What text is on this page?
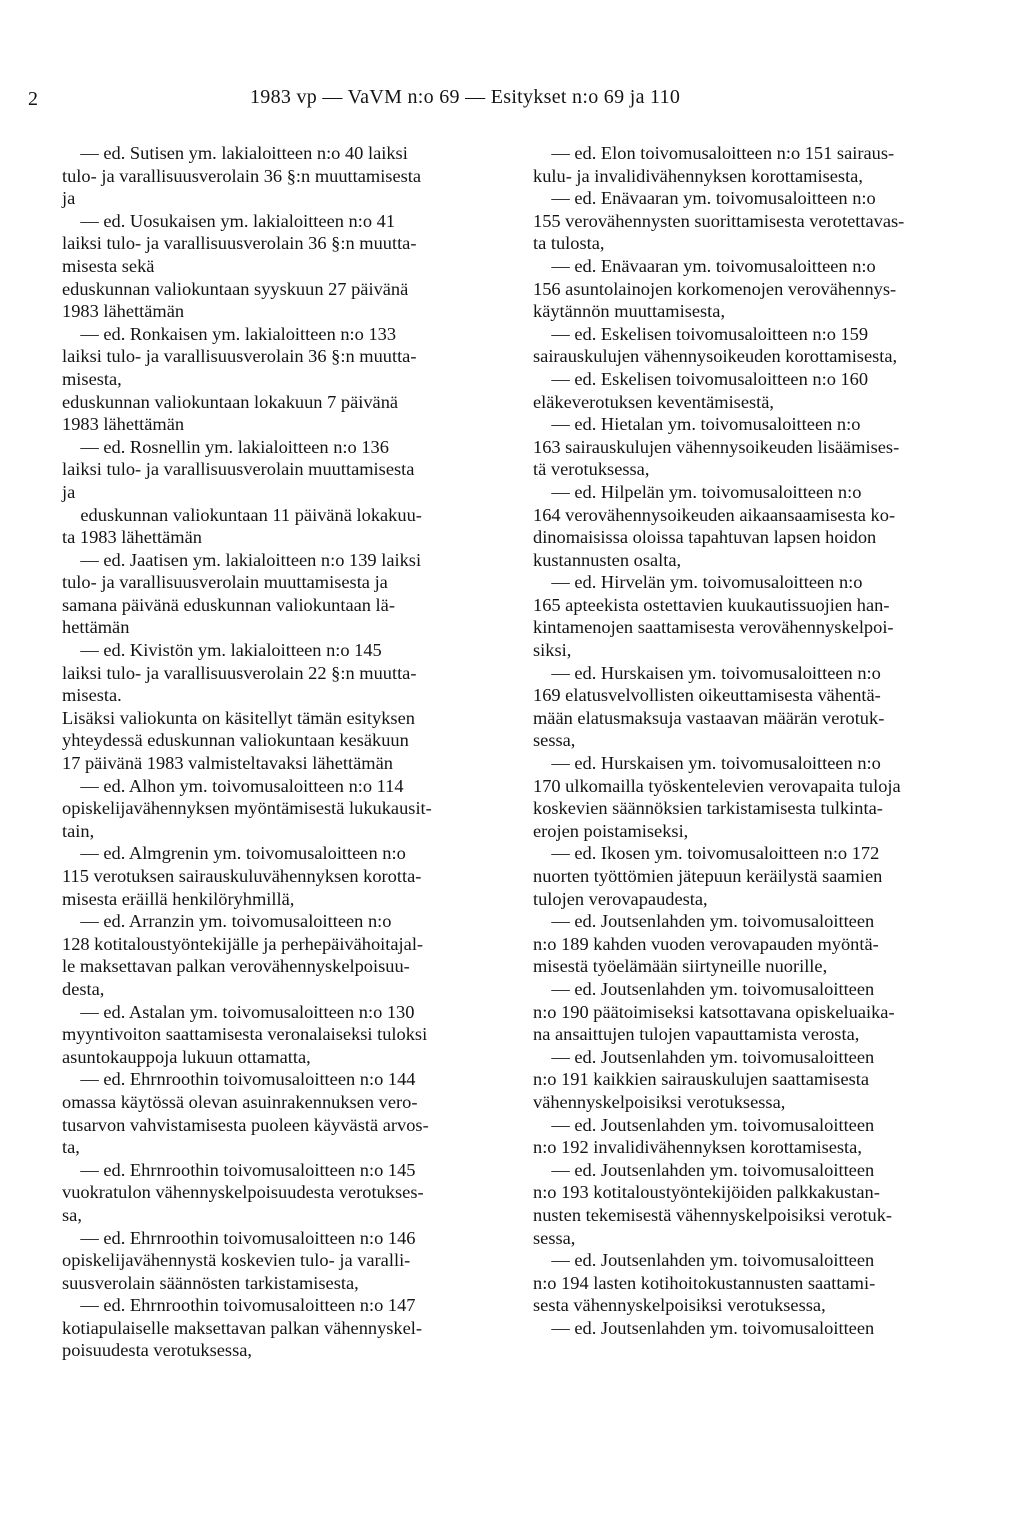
2	1983 vp — VaVM n:o 69 — Esitykset n:o 69 ja 110
— ed. Sutisen ym. lakialoitteen n:o 40 laiksi
tulo- ja varallisuusverolain 36 §:n muuttamisesta
ja
— ed. Uosukaisen ym. lakialoitteen n:o 41
laiksi tulo- ja varallisuusverolain 36 §:n muutta-
misesta sekä
eduskunnan valiokuntaan syyskuun 27 päivänä
1983 lähettämän
— ed. Ronkaisen ym. lakialoitteen n:o 133
laiksi tulo- ja varallisuusverolain 36 §:n muutta-
misesta,
eduskunnan valiokuntaan lokakuun 7 päivänä
1983 lähettämän
— ed. Rosnellin ym. lakialoitteen n:o 136
laiksi tulo- ja varallisuusverolain muuttamisesta
ja
eduskunnan valiokuntaan 11 päivänä lokakuu-
ta 1983 lähettämän
— ed. Jaatisen ym. lakialoitteen n:o 139 laiksi
tulo- ja varallisuusverolain muuttamisesta ja
samana päivänä eduskunnan valiokuntaan lä-
hettämän
— ed. Kivistön ym. lakialoitteen n:o 145
laiksi tulo- ja varallisuusverolain 22 §:n muutta-
misesta.
Lisäksi valiokunta on käsitellyt tämän esityksen
yhteydessä eduskunnan valiokuntaan kesäkuun
17 päivänä 1983 valmisteltavaksi lähettämän
— ed. Alhon ym. toivomusaloitteen n:o 114
opiskelijavähennyksen myöntämisestä lukukausit-
tain,
— ed. Almgrenin ym. toivomusaloitteen n:o
115 verotuksen sairauskuluvähennyksen korotta-
misesta eräillä henkilöryhmillä,
— ed. Arranzin ym. toivomusaloitteen n:o
128 kotitaloustyöntekijälle ja perhepäivähoitajal-
le maksettavan palkan verovähennyskelpoisuu-
desta,
— ed. Astalan ym. toivomusaloitteen n:o 130
myyntivoiton saattamisesta veronalaiseksi tuloksi
asuntokauppoja lukuun ottamatta,
— ed. Ehrnroothin toivomusaloitteen n:o 144
omassa käytössä olevan asuinrakennuksen vero-
tusarvon vahvistamisesta puoleen käyvästä arvos-
ta,
— ed. Ehrnroothin toivomusaloitteen n:o 145
vuokratulon vähennyskelpoisuudesta verotukses-
sa,
— ed. Ehrnroothin toivomusaloitteen n:o 146
opiskelijavähennystä koskevien tulo- ja varalli-
suusverolain säännösten tarkistamisesta,
— ed. Ehrnroothin toivomusaloitteen n:o 147
kotiapulaiselle maksettavan palkan vähennyskel-
poisuudesta verotuksessa,
— ed. Elon toivomusaloitteen n:o 151 sairaus-
kulu- ja invalidivähennyksen korottamisesta,
— ed. Enävaaran ym. toivomusaloitteen n:o
155 verovähennysten suorittamisesta verotettavas-
ta tulosta,
— ed. Enävaaran ym. toivomusaloitteen n:o
156 asuntolainojen korkomenojen verovähennys-
käytännön muuttamisesta,
— ed. Eskelisen toivomusaloitteen n:o 159
sairauskulujen vähennysoikeuden korottamisesta,
— ed. Eskelisen toivomusaloitteen n:o 160
eläkeverotuksen keventämisestä,
— ed. Hietalan ym. toivomusaloitteen n:o
163 sairauskulujen vähennysoikeuden lisäämises-
tä verotuksessa,
— ed. Hilpelän ym. toivomusaloitteen n:o
164 verovähennysoikeuden aikaansaamisesta ko-
dinomaisissa oloissa tapahtuvan lapsen hoidon
kustannusten osalta,
— ed. Hirvelän ym. toivomusaloitteen n:o
165 apteekista ostettavien kuukautissuojien han-
kintamenojen saattamisesta verovähennyskelpoi-
siksi,
— ed. Hurskaisen ym. toivomusaloitteen n:o
169 elatusvelvollisten oikeuttamisesta vähentä-
mään elatusmaksuja vastaavan määrän verotuk-
sessa,
— ed. Hurskaisen ym. toivomusaloitteen n:o
170 ulkomailla työskentelevien verovapaita tuloja
koskevien säännöksien tarkistamisesta tulkinta-
erojen poistamiseksi,
— ed. Ikosen ym. toivomusaloitteen n:o 172
nuorten työttömien jätepuun keräilystä saamien
tulojen verovapaudesta,
— ed. Joutsenlahden ym. toivomusaloitteen
n:o 189 kahden vuoden verovapauden myöntä-
misestä työelämään siirtyneille nuorille,
— ed. Joutsenlahden ym. toivomusaloitteen
n:o 190 päätoimiseksi katsottavana opiskeluaika-
na ansaittujen tulojen vapauttamista verosta,
— ed. Joutsenlahden ym. toivomusaloitteen
n:o 191 kaikkien sairauskulujen saattamisesta
vähennyskelpoisiksi verotuksessa,
— ed. Joutsenlahden ym. toivomusaloitteen
n:o 192 invalidivähennyksen korottamisesta,
— ed. Joutsenlahden ym. toivomusaloitteen
n:o 193 kotitaloustyöntekijöiden palkkakustan-
nusten tekemisestä vähennyskelpoisiksi verotuk-
sessa,
— ed. Joutsenlahden ym. toivomusaloitteen
n:o 194 lasten kotihoitokustannusten saattami-
sesta vähennyskelpoisiksi verotuksessa,
— ed. Joutsenlahden ym. toivomusaloitteen
